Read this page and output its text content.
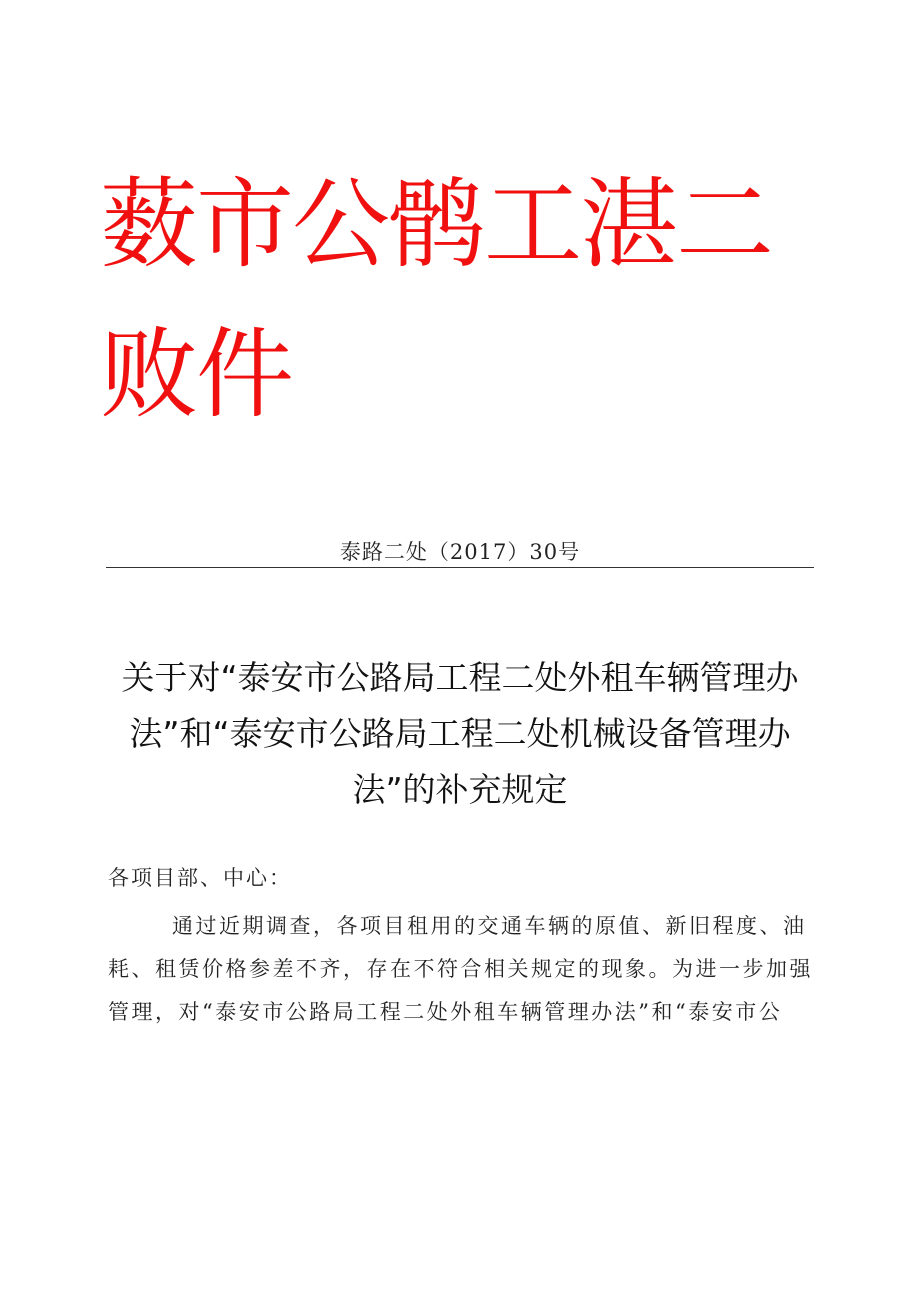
薮市公鹘工湛二败件
泰路二处（2017）30号
关于对“泰安市公路局工程二处外租车辆管理办
法”和“泰安市公路局工程二处机械设备管理办
法”的补充规定
各项目部、中心：
通过近期调查，各项目租用的交通车辆的原值、新旧程度、油
耗、租赁价格参差不齐，存在不符合相关规定的现象。为进一步加强
管理，对“泰安市公路局工程二处外租车辆管理办法”和“泰安市公
